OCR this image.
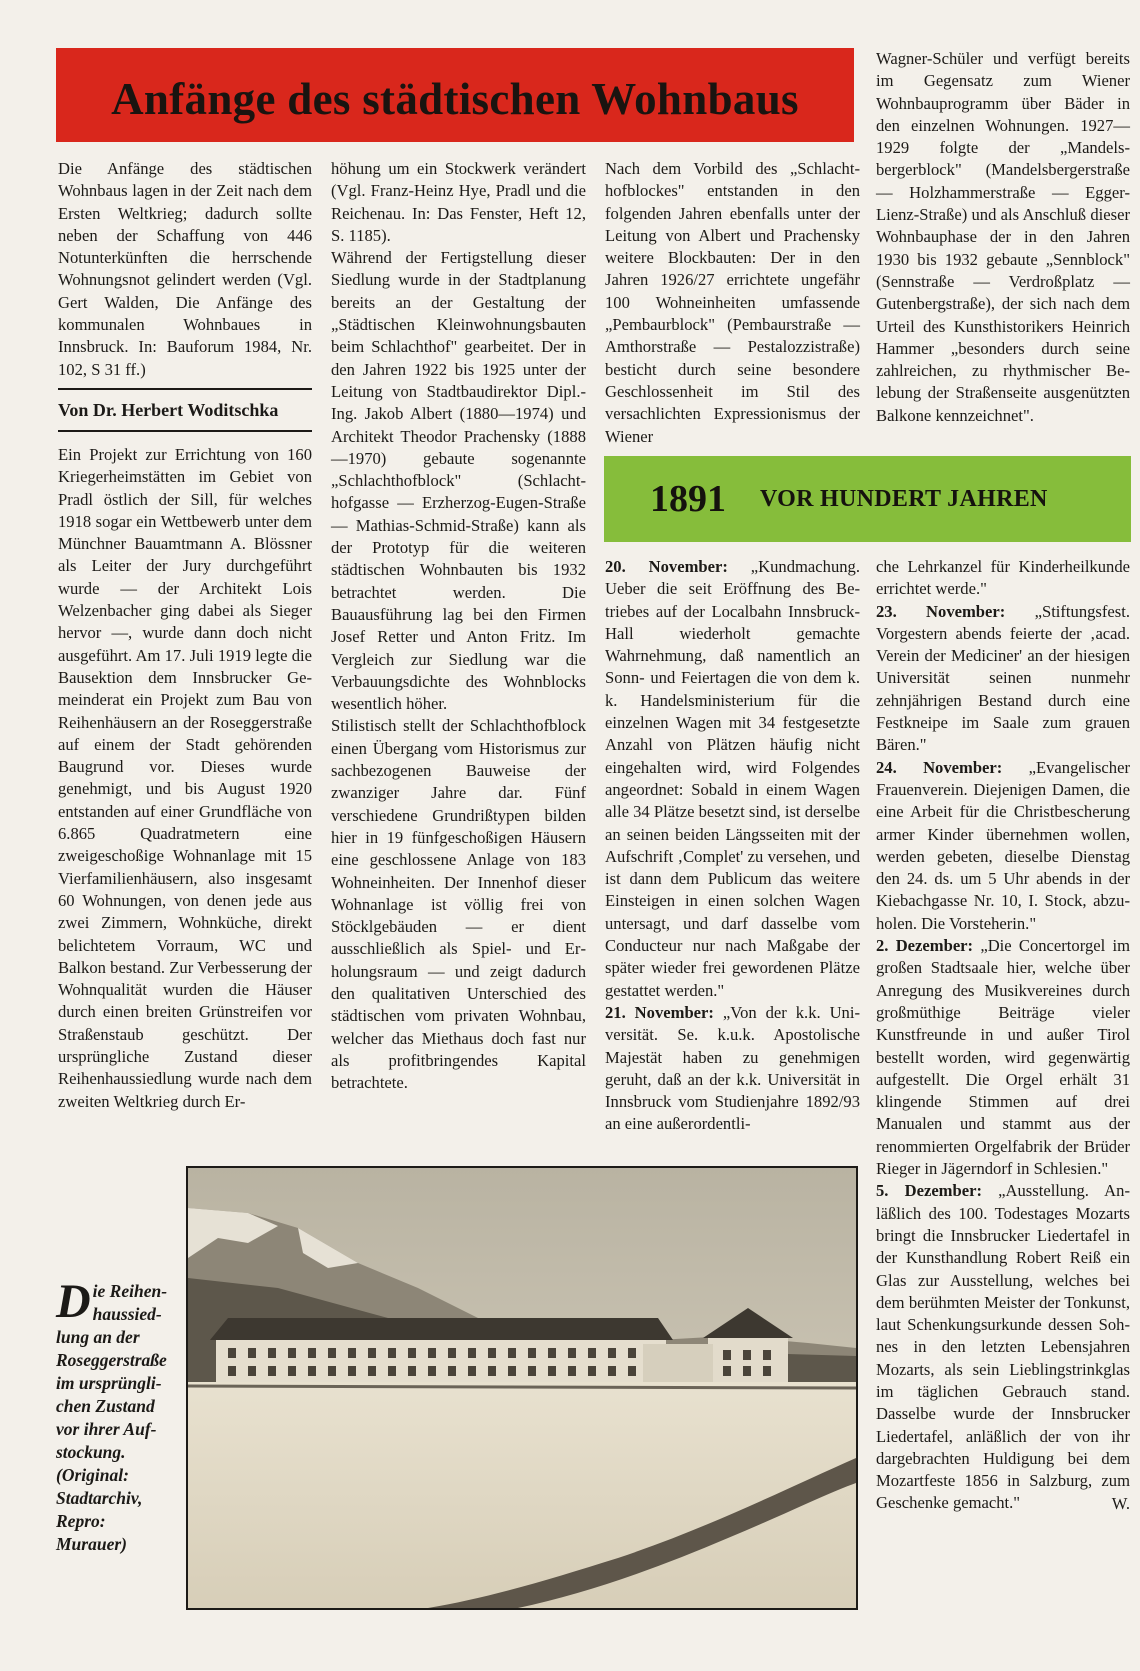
Anfänge des städtischen Wohnbaus

Die Anfänge des städtischen Wohnbaus lagen in der Zeit nach dem Ersten Weltkrieg; dadurch sollte neben der Schaffung von 446 Notunterkünften die herrschende Wohnungsnot gelindert werden (Vgl. Gert Walden, Die Anfänge des kommunalen Wohnbaues in Innsbruck. In: Bauforum 1984, Nr. 102, S 31 ff.)

Von Dr. Herbert Woditschka

Ein Projekt zur Errichtung von 160 Kriegerheimstätten im Gebiet von Pradl östlich der Sill, für welches 1918 sogar ein Wettbewerb unter dem Münchner Bauamtmann A. Blössner als Leiter der Jury durchgeführt wurde — der Architekt Lois Welzenbacher ging dabei als Sieger hervor —, wurde dann doch nicht ausgeführt. Am 17. Juli 1919 legte die Bausektion dem Innsbrucker Gemeinderat ein Projekt zum Bau von Reihenhäusern an der Roseggerstraße auf einem der Stadt gehörenden Baugrund vor. Dieses wurde genehmigt, und bis August 1920 entstanden auf einer Grundfläche von 6.865 Quadratmetern eine zweigeschoßige Wohnanlage mit 15 Vierfamilienhäusern, also insgesamt 60 Wohnungen, von denen jede aus zwei Zimmern, Wohnküche, direkt belichtetem Vorraum, WC und Balkon bestand. Zur Verbesserung der Wohnqualität wurden die Häuser durch einen breiten Grünstreifen vor Straßenstaub geschützt. Der ursprüngliche Zustand dieser Reihenhaussiedlung wurde nach dem zweiten Weltkrieg durch Er-

höhung um ein Stockwerk verändert (Vgl. Franz-Heinz Hye, Pradl und die Reichenau. In: Das Fenster, Heft 12, S. 1185).

Während der Fertigstellung dieser Siedlung wurde in der Stadtplanung bereits an der Gestaltung der „Städtischen Kleinwohnungsbauten beim Schlachthof" gearbeitet. Der in den Jahren 1922 bis 1925 unter der Leitung von Stadtbaudirektor Dipl.-Ing. Jakob Albert (1880—1974) und Architekt Theodor Prachensky (1888—1970) gebaute sogenannte „Schlachthofblock" (Schlachthofgasse — Erzherzog-Eugen-Straße — Mathias-Schmid-Straße) kann als der Prototyp für die weiteren städtischen Wohnbauten bis 1932 betrachtet werden. Die Bauausführung lag bei den Firmen Josef Retter und Anton Fritz. Im Vergleich zur Siedlung war die Verbauungsdichte des Wohnblocks wesentlich höher.

Stilistisch stellt der Schlachthofblock einen Übergang vom Historismus zur sachbezogenen Bauweise der zwanziger Jahre dar. Fünf verschiedene Grundrißtypen bilden hier in 19 fünfgeschoßigen Häusern eine geschlossene Anlage von 183 Wohneinheiten. Der Innenhof dieser Wohnanlage ist völlig frei von Stöcklgebäuden — er dient ausschließlich als Spiel- und Erholungsraum — und zeigt dadurch den qualitativen Unterschied des städtischen vom privaten Wohnbau, welcher das Miethaus doch fast nur als profitbringendes Kapital betrachtete.

Nach dem Vorbild des „Schlachthofblockes" entstanden in den folgenden Jahren ebenfalls unter der Leitung von Albert und Prachensky weitere Blockbauten: Der in den Jahren 1926/27 errichtete ungefähr 100 Wohneinheiten umfassende „Pembaurblock" (Pembaurstraße — Amthorstraße — Pestalozzistraße) besticht durch seine besondere Geschlossenheit im Stil des versachlichten Expressionismus der Wiener

Wagner-Schüler und verfügt bereits im Gegensatz zum Wiener Wohnbauprogramm über Bäder in den einzelnen Wohnungen. 1927—1929 folgte der „Mandelsbergerblock" (Mandelsbergerstraße — Holzhammerstraße — Egger-Lienz-Straße) und als Anschluß dieser Wohnbauphase der in den Jahren 1930 bis 1932 gebaute „Sennblock" (Sennstraße — Verdroßplatz — Gutenbergstraße), der sich nach dem Urteil des Kunsthistorikers Heinrich Hammer „besonders durch seine zahlreichen, zu rhythmischer Belebung der Straßenseite ausgenützten Balkone kennzeichnet".

1891 VOR HUNDERT JAHREN

20. November: „Kundmachung. Ueber die seit Eröffnung des Betriebes auf der Localbahn Innsbruck-Hall wiederholt gemachte Wahrnehmung, daß namentlich an Sonn- und Feiertagen die von dem k. k. Handelsministerium für die einzelnen Wagen mit 34 festgesetzte Anzahl von Plätzen häufig nicht eingehalten wird, wird Folgendes angeordnet: Sobald in einem Wagen alle 34 Plätze besetzt sind, ist derselbe an seinen beiden Längsseiten mit der Aufschrift ‚Complet' zu versehen, und ist dann dem Publicum das weitere Einsteigen in einen solchen Wagen untersagt, und darf dasselbe vom Conducteur nur nach Maßgabe der später wieder frei gewordenen Plätze gestattet werden."

21. November: „Von der k.k. Universität. Se. k.u.k. Apostolische Majestät haben zu genehmigen geruht, daß an der k.k. Universität in Innsbruck vom Studienjahre 1892/93 an eine außerordentli-

che Lehrkanzel für Kinderheilkunde errichtet werde."

23. November: „Stiftungsfest. Vorgestern abends feierte der ‚acad. Verein der Mediciner' an der hiesigen Universität seinen nunmehr zehnjährigen Bestand durch eine Festkneipe im Saale zum grauen Bären."

24. November: „Evangelischer Frauenverein. Diejenigen Damen, die eine Arbeit für die Christbescherung armer Kinder übernehmen wollen, werden gebeten, dieselbe Dienstag den 24. ds. um 5 Uhr abends in der Kiebachgasse Nr. 10, I. Stock, abzuholen. Die Vorsteherin."

2. Dezember: „Die Concertorgel im großen Stadtsaale hier, welche über Anregung des Musikvereines durch großmüthige Beiträge vieler Kunstfreunde in und außer Tirol bestellt worden, wird gegenwärtig aufgestellt. Die Orgel erhält 31 klingende Stimmen auf drei Manualen und stammt aus der renommierten Orgelfabrik der Brüder Rieger in Jägerndorf in Schlesien."

5. Dezember: „Ausstellung. Anläßlich des 100. Todestages Mozarts bringt die Innsbrucker Liedertafel in der Kunsthandlung Robert Reiß ein Glas zur Ausstellung, welches bei dem berühmten Meister der Tonkunst, laut Schenkungsurkunde dessen Sohnes in den letzten Lebensjahren Mozarts, als sein Lieblingstrinkglas im täglichen Gebrauch stand. Dasselbe wurde der Innsbrucker Liedertafel, anläßlich der von ihr dargebrachten Huldigung bei dem Mozartfeste 1856 in Salzburg, zum Geschenke gemacht."	W.

Die Reihenhaussiedlung an der Roseggerstraße im ursprünglichen Zustand vor ihrer Aufstockung. (Original: Stadtarchiv, Repro: Murauer)
